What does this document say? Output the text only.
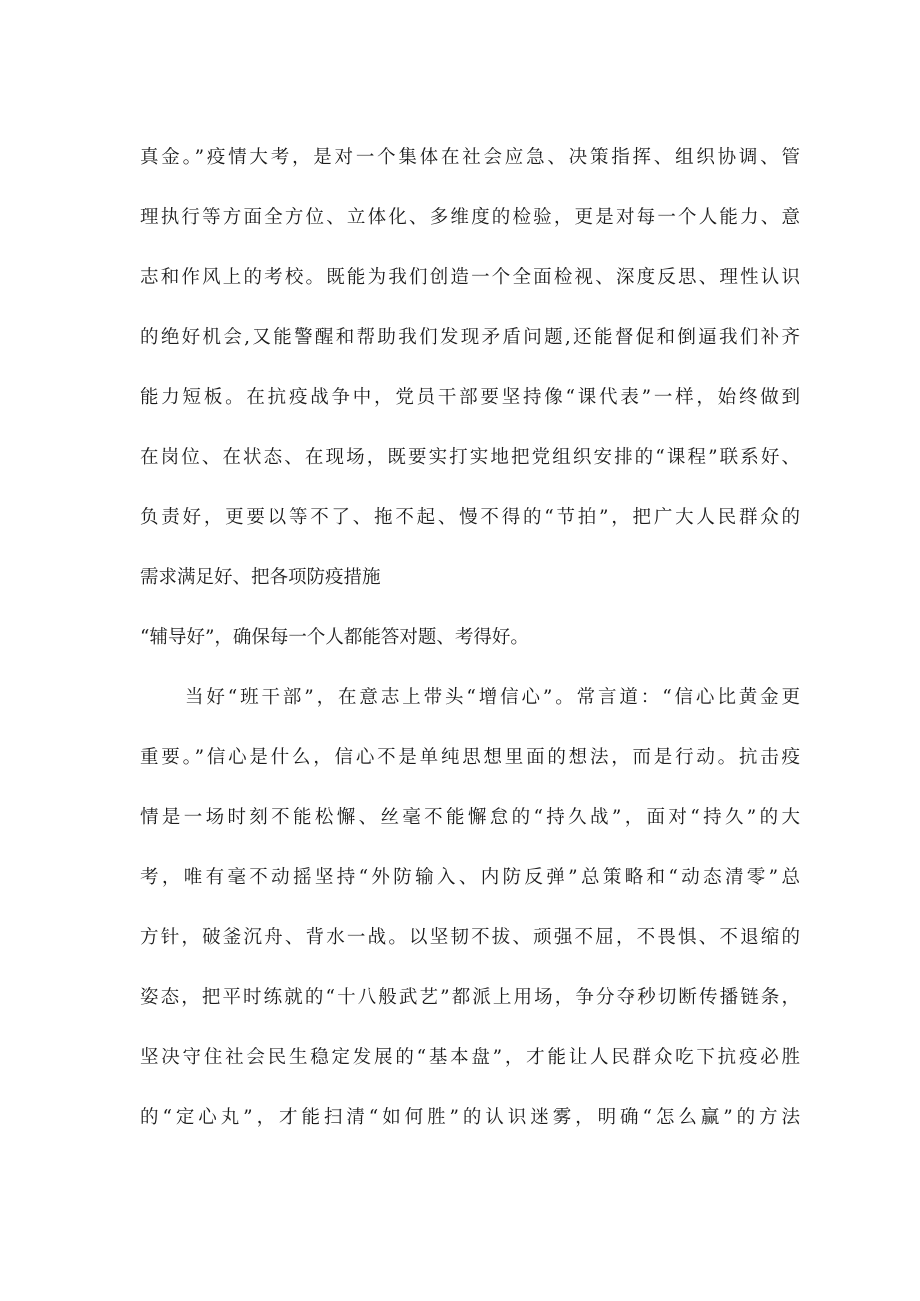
真金。”疫情大考，是对一个集体在社会应急、决策指挥、组织协调、管
理执行等方面全方位、立体化、多维度的检验，更是对每一个人能力、意
志和作风上的考校。既能为我们创造一个全面检视、深度反思、理性认识
的绝好机会,又能警醒和帮助我们发现矛盾问题,还能督促和倒逼我们补齐
能力短板。在抗疫战争中，党员干部要坚持像“课代表”一样，始终做到
在岗位、在状态、在现场，既要实打实地把党组织安排的“课程”联系好、
负责好，更要以等不了、拖不起、慢不得的“节拍”，把广大人民群众的
需求满足好、把各项防疫措施
“辅导好”，确保每一个人都能答对题、考得好。
当好“班干部”，在意志上带头“增信心”。常言道：“信心比黄金更
重要。”信心是什么，信心不是单纯思想里面的想法，而是行动。抗击疫
情是一场时刻不能松懈、丝毫不能懈怠的“持久战”，面对“持久”的大
考，唯有毫不动摇坚持“外防输入、内防反弹”总策略和“动态清零”总
方针，破釜沉舟、背水一战。以坚韧不拔、顽强不屈，不畏惧、不退缩的
姿态，把平时练就的“十八般武艺”都派上用场，争分夺秒切断传播链条，
坚决守住社会民生稳定发展的“基本盘”，才能让人民群众吃下抗疫必胜
的“定心丸”，才能扫清“如何胜”的认识迷雾，明确“怎么赢”的方法
